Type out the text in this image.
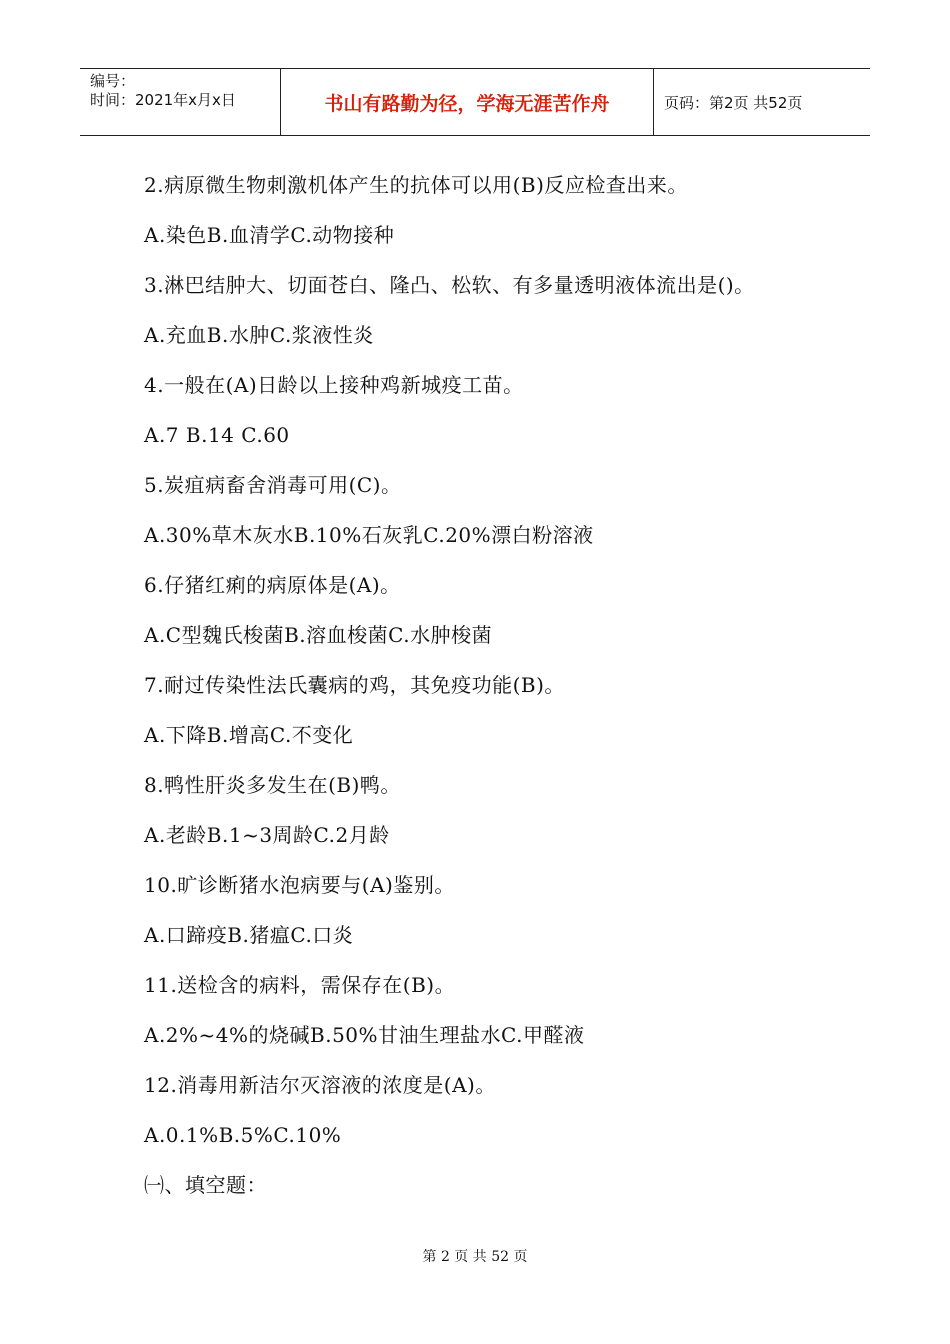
编号：
时间：2021年x月x日	书山有路勤为径，学海无涯苦作舟	页码：第2页 共52页
2.病原微生物刺激机体产生的抗体可以用(B)反应检查出来。
A.染色B.血清学C.动物接种
3.淋巴结肿大、切面苍白、隆凸、松软、有多量透明液体流出是()。
A.充血B.水肿C.浆液性炎
4.一般在(A)日龄以上接种鸡新城疫工苗。
A.7 B.14 C.60
5.炭疽病畜舍消毒可用(C)。
A.30%草木灰水B.10%石灰乳C.20%漂白粉溶液
6.仔猪红痢的病原体是(A)。
A.C型魏氏梭菌B.溶血梭菌C.水肿梭菌
7.耐过传染性法氏囊病的鸡，其免疫功能(B)。
A.下降B.增高C.不变化
8.鸭性肝炎多发生在(B)鸭。
A.老龄B.1~3周龄C.2月龄
10.旷诊断猪水泡病要与(A)鉴别。
A.口蹄疫B.猪瘟C.口炎
11.送检含的病料，需保存在(B)。
A.2%~4%的烧碱B.50%甘油生理盐水C.甲醛液
12.消毒用新洁尔灭溶液的浓度是(A)。
A.0.1%B.5%C.10%
㈠、填空题：
第 2 页 共 52 页
